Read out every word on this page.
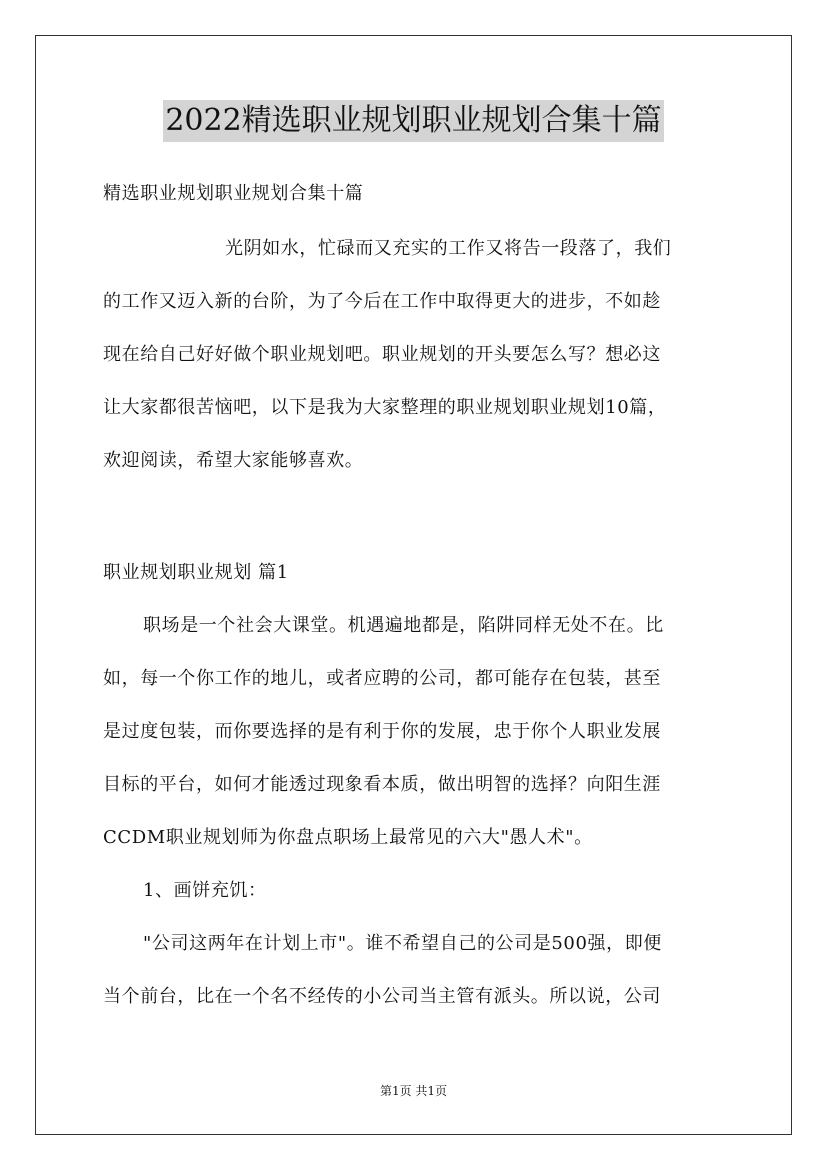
2022精选职业规划职业规划合集十篇

精选职业规划职业规划合集十篇

光阴如水，忙碌而又充实的工作又将告一段落了，我们

的工作又迈入新的台阶，为了今后在工作中取得更大的进步，不如趁

现在给自己好好做个职业规划吧。职业规划的开头要怎么写？想必这

让大家都很苦恼吧，以下是我为大家整理的职业规划职业规划10篇，

欢迎阅读，希望大家能够喜欢。

职业规划职业规划 篇1

职场是一个社会大课堂。机遇遍地都是，陷阱同样无处不在。比

如，每一个你工作的地儿，或者应聘的公司，都可能存在包装，甚至

是过度包装，而你要选择的是有利于你的发展，忠于你个人职业发展

目标的平台，如何才能透过现象看本质，做出明智的选择？向阳生涯

CCDM职业规划师为你盘点职场上最常见的六大"愚人术"。

1、画饼充饥：

"公司这两年在计划上市"。谁不希望自己的公司是500强，即便

当个前台，比在一个名不经传的小公司当主管有派头。所以说，公司

第1页 共1页
